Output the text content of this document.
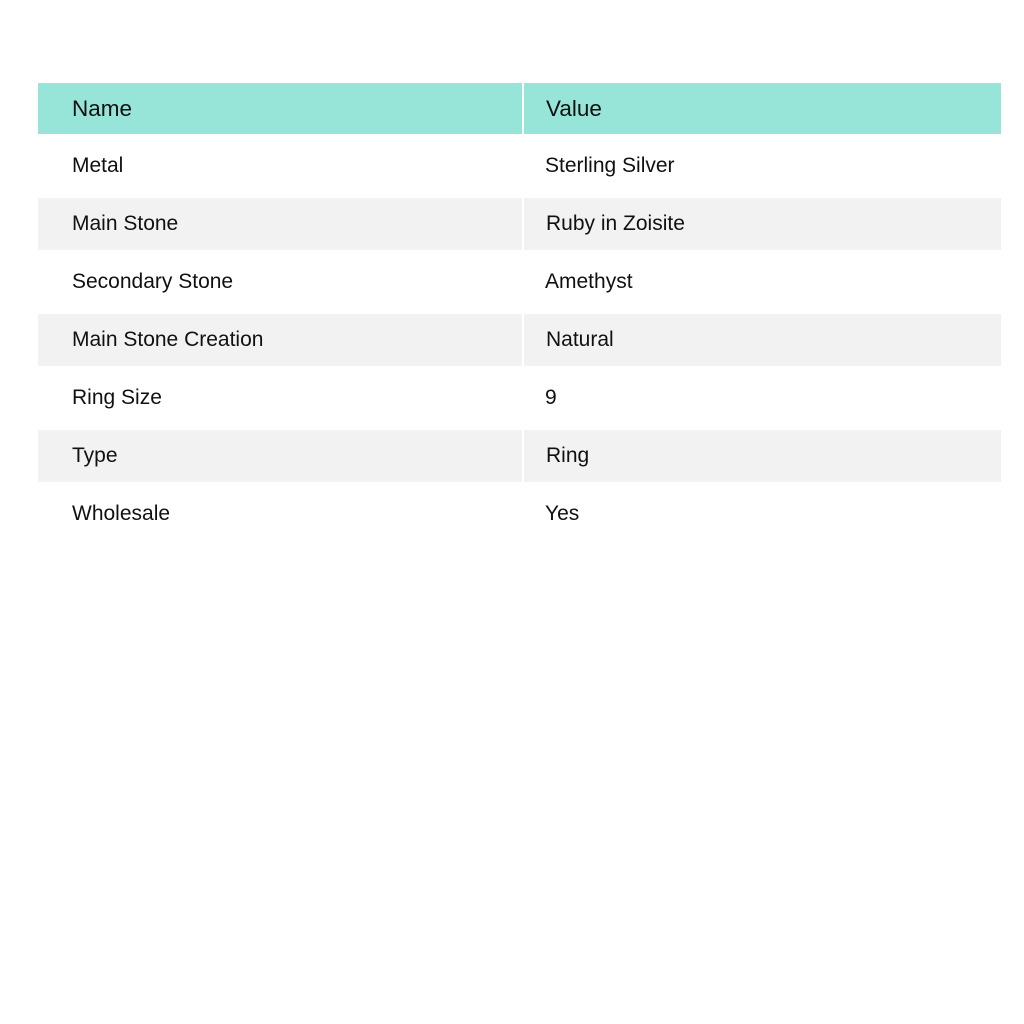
Name	Value
Metal	Sterling Silver
Main Stone	Ruby in Zoisite
Secondary Stone	Amethyst
Main Stone Creation	Natural
Ring Size	9
Type	Ring
Wholesale	Yes
